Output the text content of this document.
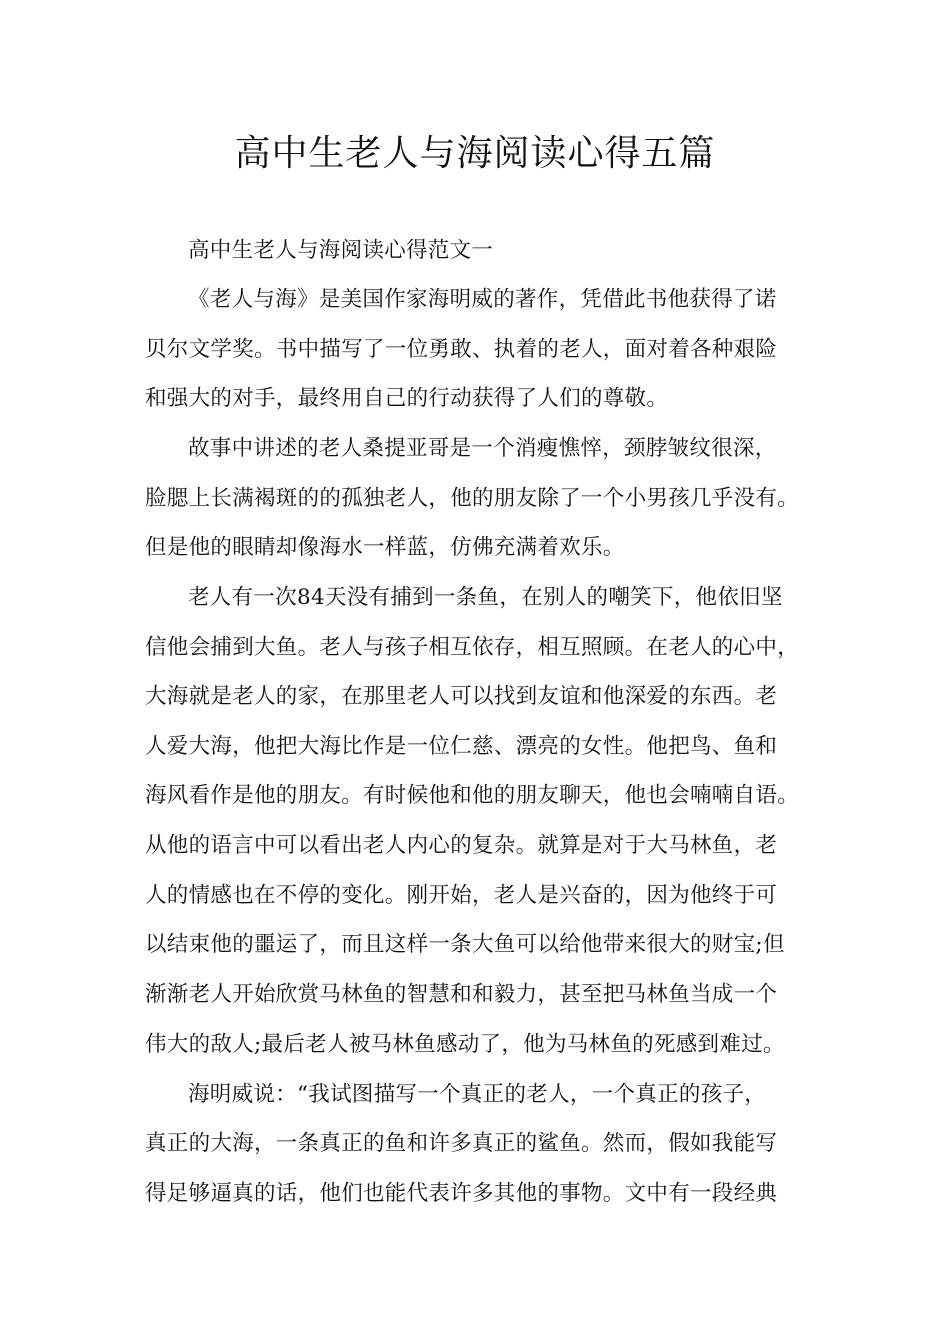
高中生老人与海阅读心得五篇
高中生老人与海阅读心得范文一
《老人与海》是美国作家海明威的著作，凭借此书他获得了诺
贝尔文学奖。书中描写了一位勇敢、执着的老人，面对着各种艰险
和强大的对手，最终用自己的行动获得了人们的尊敬。
故事中讲述的老人桑提亚哥是一个消瘦憔悴，颈脖皱纹很深，
脸腮上长满褐斑的的孤独老人，他的朋友除了一个小男孩几乎没有。
但是他的眼睛却像海水一样蓝，仿佛充满着欢乐。
老人有一次84天没有捕到一条鱼，在别人的嘲笑下，他依旧坚
信他会捕到大鱼。老人与孩子相互依存，相互照顾。在老人的心中，
大海就是老人的家，在那里老人可以找到友谊和他深爱的东西。老
人爱大海，他把大海比作是一位仁慈、漂亮的女性。他把鸟、鱼和
海风看作是他的朋友。有时候他和他的朋友聊天，他也会喃喃自语。
从他的语言中可以看出老人内心的复杂。就算是对于大马林鱼，老
人的情感也在不停的变化。刚开始，老人是兴奋的，因为他终于可
以结束他的噩运了，而且这样一条大鱼可以给他带来很大的财宝;但
渐渐老人开始欣赏马林鱼的智慧和和毅力，甚至把马林鱼当成一个
伟大的敌人;最后老人被马林鱼感动了，他为马林鱼的死感到难过。
海明威说：“我试图描写一个真正的老人，一个真正的孩子，
真正的大海，一条真正的鱼和许多真正的鲨鱼。然而，假如我能写
得足够逼真的话，他们也能代表许多其他的事物。文中有一段经典
